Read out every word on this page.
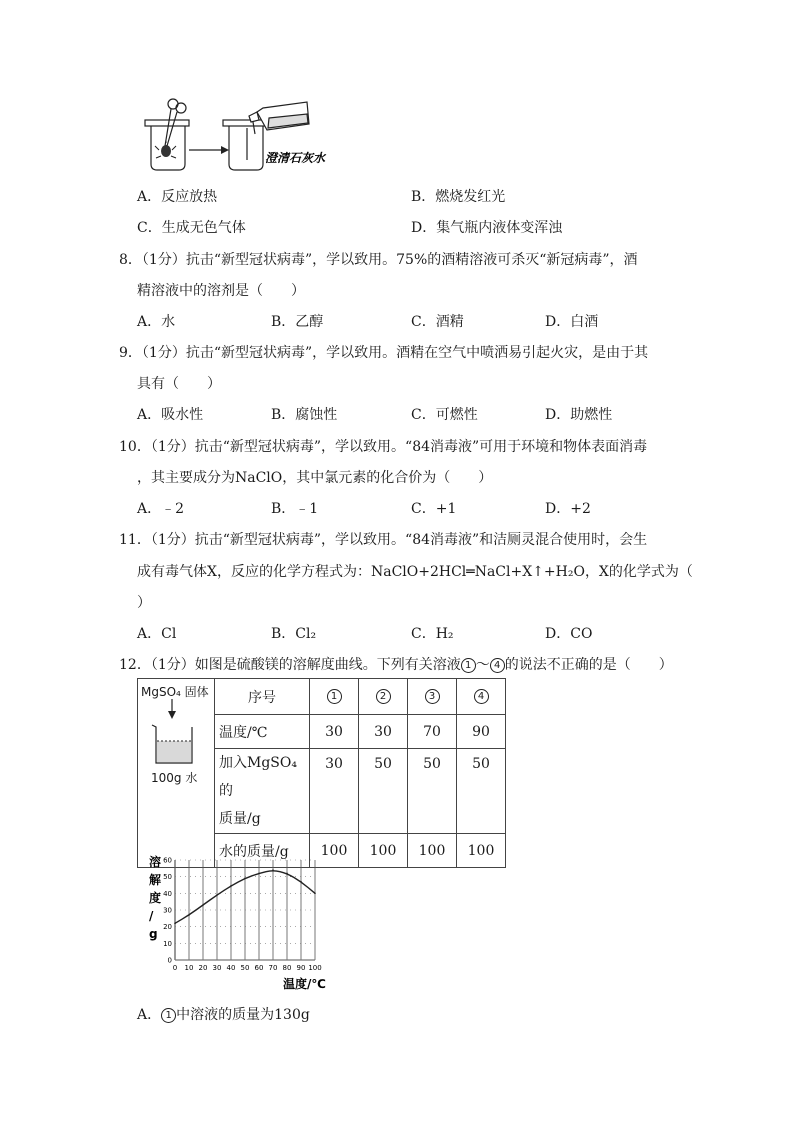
澄清石灰水
A．反应放热	B．燃烧发红光
C．生成无色气体	D．集气瓶内液体变浑浊
8．（1分）抗击“新型冠状病毒”，学以致用。75%的酒精溶液可杀灭“新冠病毒”，酒
精溶液中的溶剂是（　　）
A．水	B．乙醇	C．酒精	D．白酒
9．（1分）抗击“新型冠状病毒”，学以致用。酒精在空气中喷洒易引起火灾，是由于其
具有（　　）
A．吸水性	B．腐蚀性	C．可燃性	D．助燃性
10．（1分）抗击“新型冠状病毒”，学以致用。“84消毒液”可用于环境和物体表面消毒
，其主要成分为NaClO，其中氯元素的化合价为（　　）
A．﹣2	B．﹣1	C．+1	D．+2
11．（1分）抗击“新型冠状病毒”，学以致用。“84消毒液”和洁厕灵混合使用时，会生
成有毒气体X，反应的化学方程式为：NaClO+2HCl═NaCl+X↑+H₂O，X的化学式为（
）
A．Cl	B．Cl₂	C．H₂	D．CO
12．（1分）如图是硫酸镁的溶解度曲线。下列有关溶液 1 ～ 4 的说法不正确的是（　　）
MgSO₄ 固体
100g 水	序号	1	2	3	4
	温度/℃	30	30	70	90

	加入MgSO₄的
质量/g	30	50	50	50
	水的质量/g	100	100	100	100
溶解度/ g
温度/℃
0 10 20 30 40 50 60 70 80 90 100
0
10
20
30
40
50
60
A． 1 中溶液的质量为130g
